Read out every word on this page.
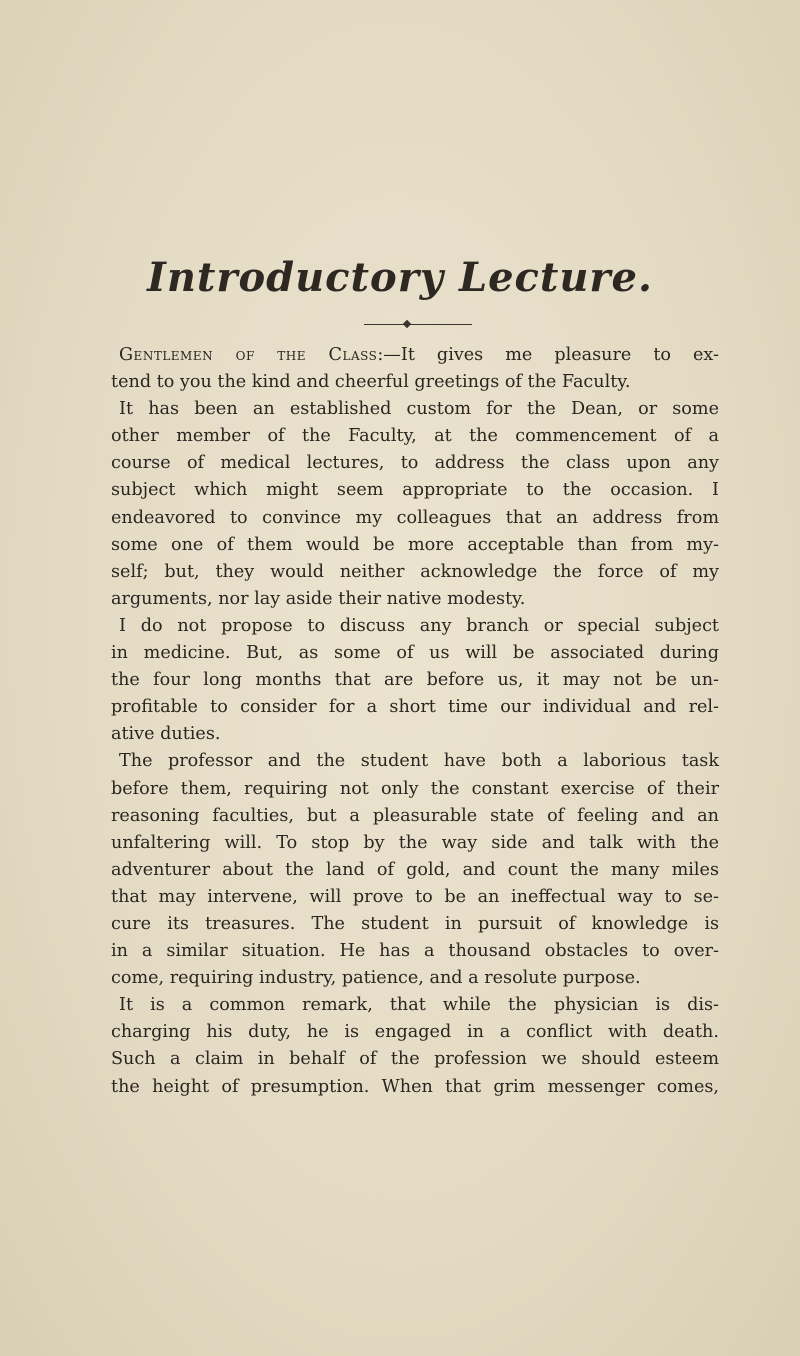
Introductory Lecture.
Gentlemen of the Class:—It gives me pleasure to ex-
tend to you the kind and cheerful greetings of the Faculty.
It has been an established custom for the Dean, or some
other member of the Faculty, at the commencement of a
course of medical lectures, to address the class upon any
subject which might seem appropriate to the occasion. I
endeavored to convince my colleagues that an address from
some one of them would be more acceptable than from my-
self; but, they would neither acknowledge the force of my
arguments, nor lay aside their native modesty.
I do not propose to discuss any branch or special subject
in medicine. But, as some of us will be associated during
the four long months that are before us, it may not be un-
profitable to consider for a short time our individual and rel-
ative duties.
The professor and the student have both a laborious task
before them, requiring not only the constant exercise of their
reasoning faculties, but a pleasurable state of feeling and an
unfaltering will. To stop by the way side and talk with the
adventurer about the land of gold, and count the many miles
that may intervene, will prove to be an ineffectual way to se-
cure its treasures. The student in pursuit of knowledge is
in a similar situation. He has a thousand obstacles to over-
come, requiring industry, patience, and a resolute purpose.
It is a common remark, that while the physician is dis-
charging his duty, he is engaged in a conflict with death.
Such a claim in behalf of the profession we should esteem
the height of presumption. When that grim messenger comes,
